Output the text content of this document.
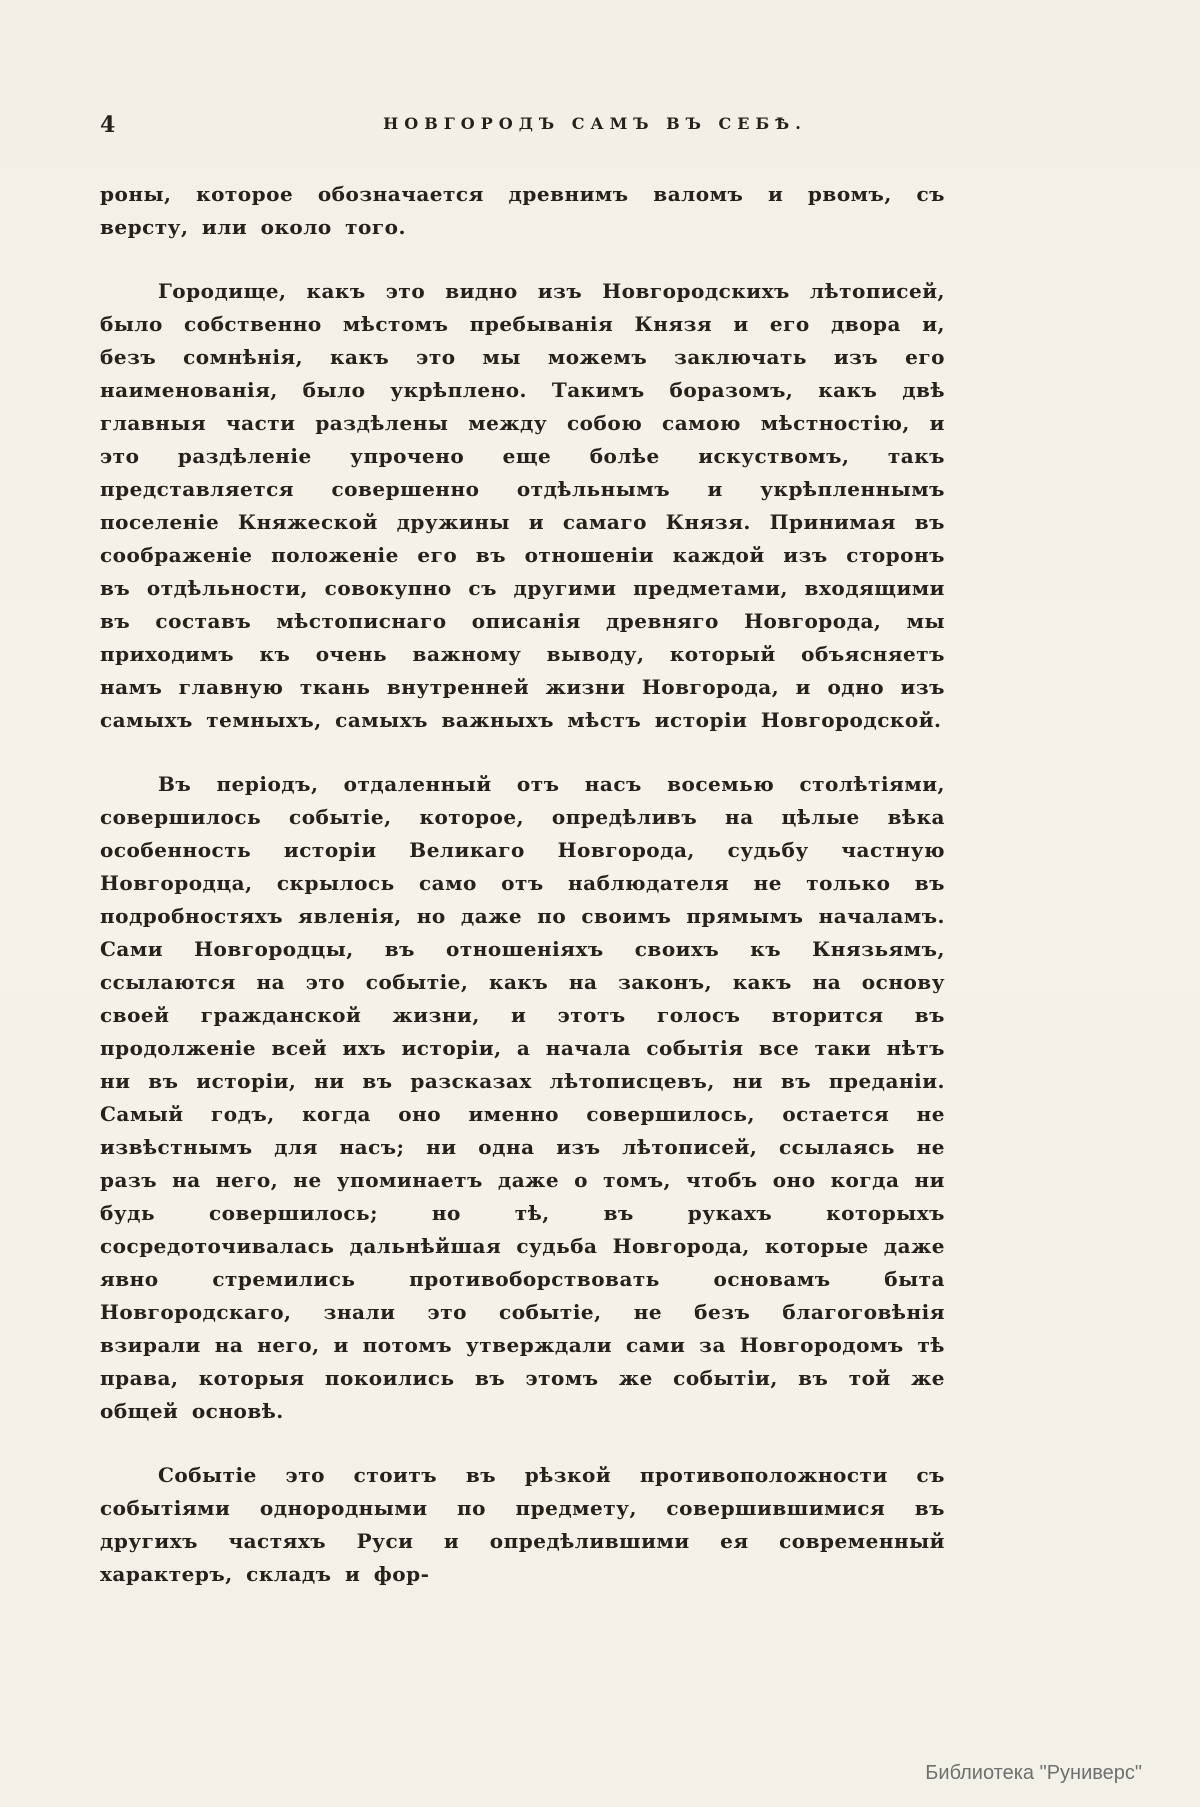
4	НОВГОРОДЪ САМЪ ВЪ СЕБѢ.

роны, которое обозначается древнимъ валомъ и рвомъ, съ версту, или около того.

Городище, какъ это видно изъ Новгородскихъ лѣтописей, было собственно мѣстомъ пребыванія Князя и его двора и, безъ сомнѣнія, какъ это мы можемъ заключать изъ его наименованія, было укрѣплено. Такимъ боразомъ, какъ двѣ главныя части раздѣлены между собою самою мѣстностію, и это раздѣленіе упрочено еще болѣе искуствомъ, такъ представляется совершенно отдѣльнымъ и укрѣпленнымъ поселеніе Княжеской дружины и самаго Князя. Принимая въ соображеніе положеніе его въ отношеніи каждой изъ сторонъ въ отдѣльности, совокупно съ другими предметами, входящими въ составъ мѣстописнаго описанія древняго Новгорода, мы приходимъ къ очень важному выводу, который объясняетъ намъ главную ткань внутренней жизни Новгорода, и одно изъ самыхъ темныхъ, самыхъ важныхъ мѣстъ исторіи Новгородской.

Въ періодъ, отдаленный отъ насъ восемью столѣтіями, совершилось событіе, которое, опредѣливъ на цѣлые вѣка особенность исторіи Великаго Новгорода, судьбу частную Новгородца, скрылось само отъ наблюдателя не только въ подробностяхъ явленія, но даже по своимъ прямымъ началамъ. Сами Новгородцы, въ отношеніяхъ своихъ къ Князьямъ, ссылаются на это событіе, какъ на законъ, какъ на основу своей гражданской жизни, и этотъ голосъ вторится въ продолженіе всей ихъ исторіи, а начала событія все таки нѣтъ ни въ исторіи, ни въ разсказах лѣтописцевъ, ни въ преданіи. Самый годъ, когда оно именно совершилось, остается не извѣстнымъ для насъ; ни одна изъ лѣтописей, ссылаясь не разъ на него, не упоминаетъ даже о томъ, чтобъ оно когда ни будь совершилось; но тѣ, въ рукахъ которыхъ сосредоточивалась дальнѣйшая судьба Новгорода, которые даже явно стремились противоборствовать основамъ быта Новгородскаго, знали это событіе, не безъ благоговѣнія взирали на него, и потомъ утверждали сами за Новгородомъ тѣ права, которыя покоились въ этомъ же событіи, въ той же общей основѣ.

Событіе это стоитъ въ рѣзкой противоположности съ событіями однородными по предмету, совершившимися въ другихъ частяхъ Руси и опредѣлившими ея современный характеръ, складъ и фор-

Библиотека "Руниверс"
